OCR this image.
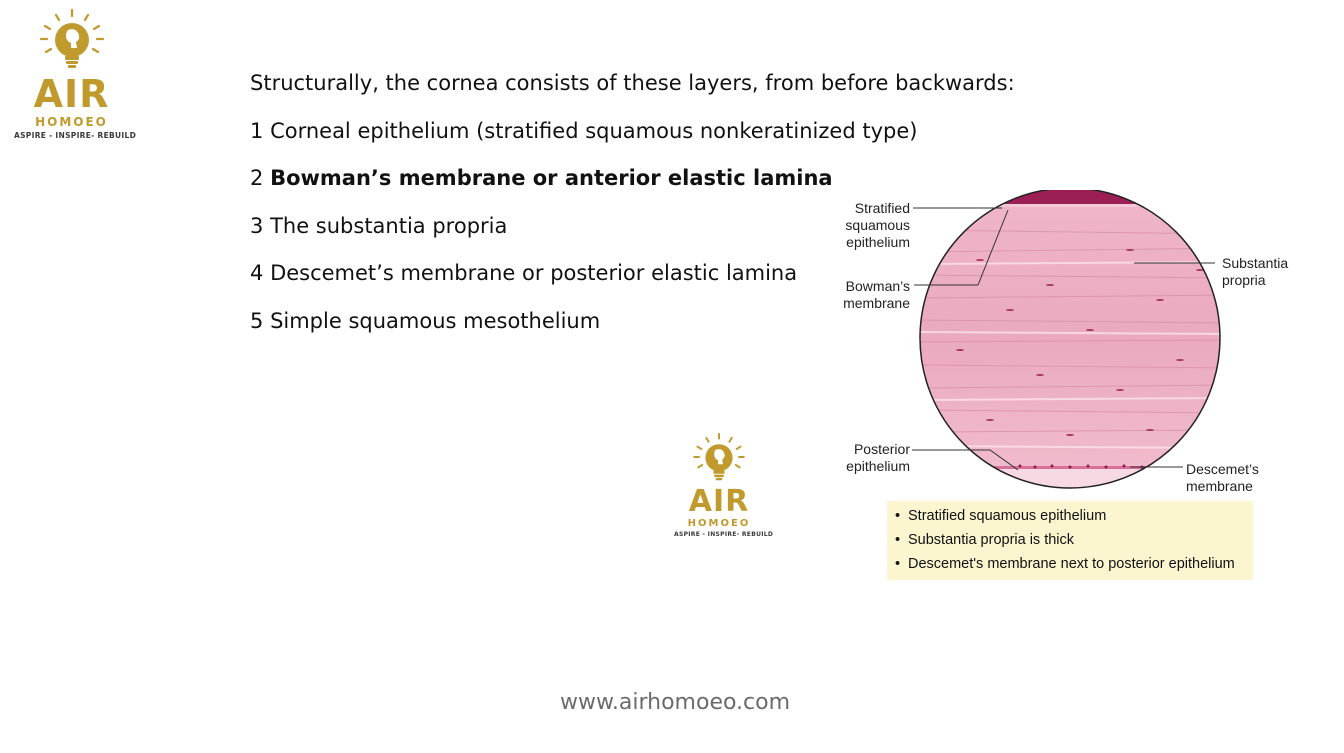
AIR
HOMOEO
ASPIRE - INSPIRE- REBUILD

Structurally, the cornea consists of these layers, from before backwards:

1 Corneal epithelium (stratified squamous nonkeratinized type)

2 Bowman’s membrane or anterior elastic lamina

3 The substantia propria

4 Descemet’s membrane or posterior elastic lamina

5 Simple squamous mesothelium

AIR
HOMOEO
ASPIRE - INSPIRE- REBUILD
Stratified
squamous
epithelium
Bowman’s
membrane
Substantia
propria
Posterior
epithelium	Descemet’s
membrane
• Stratified squamous epithelium
• Substantia propria is thick
• Descemet's membrane next to posterior epithelium
www.airhomoeo.com
